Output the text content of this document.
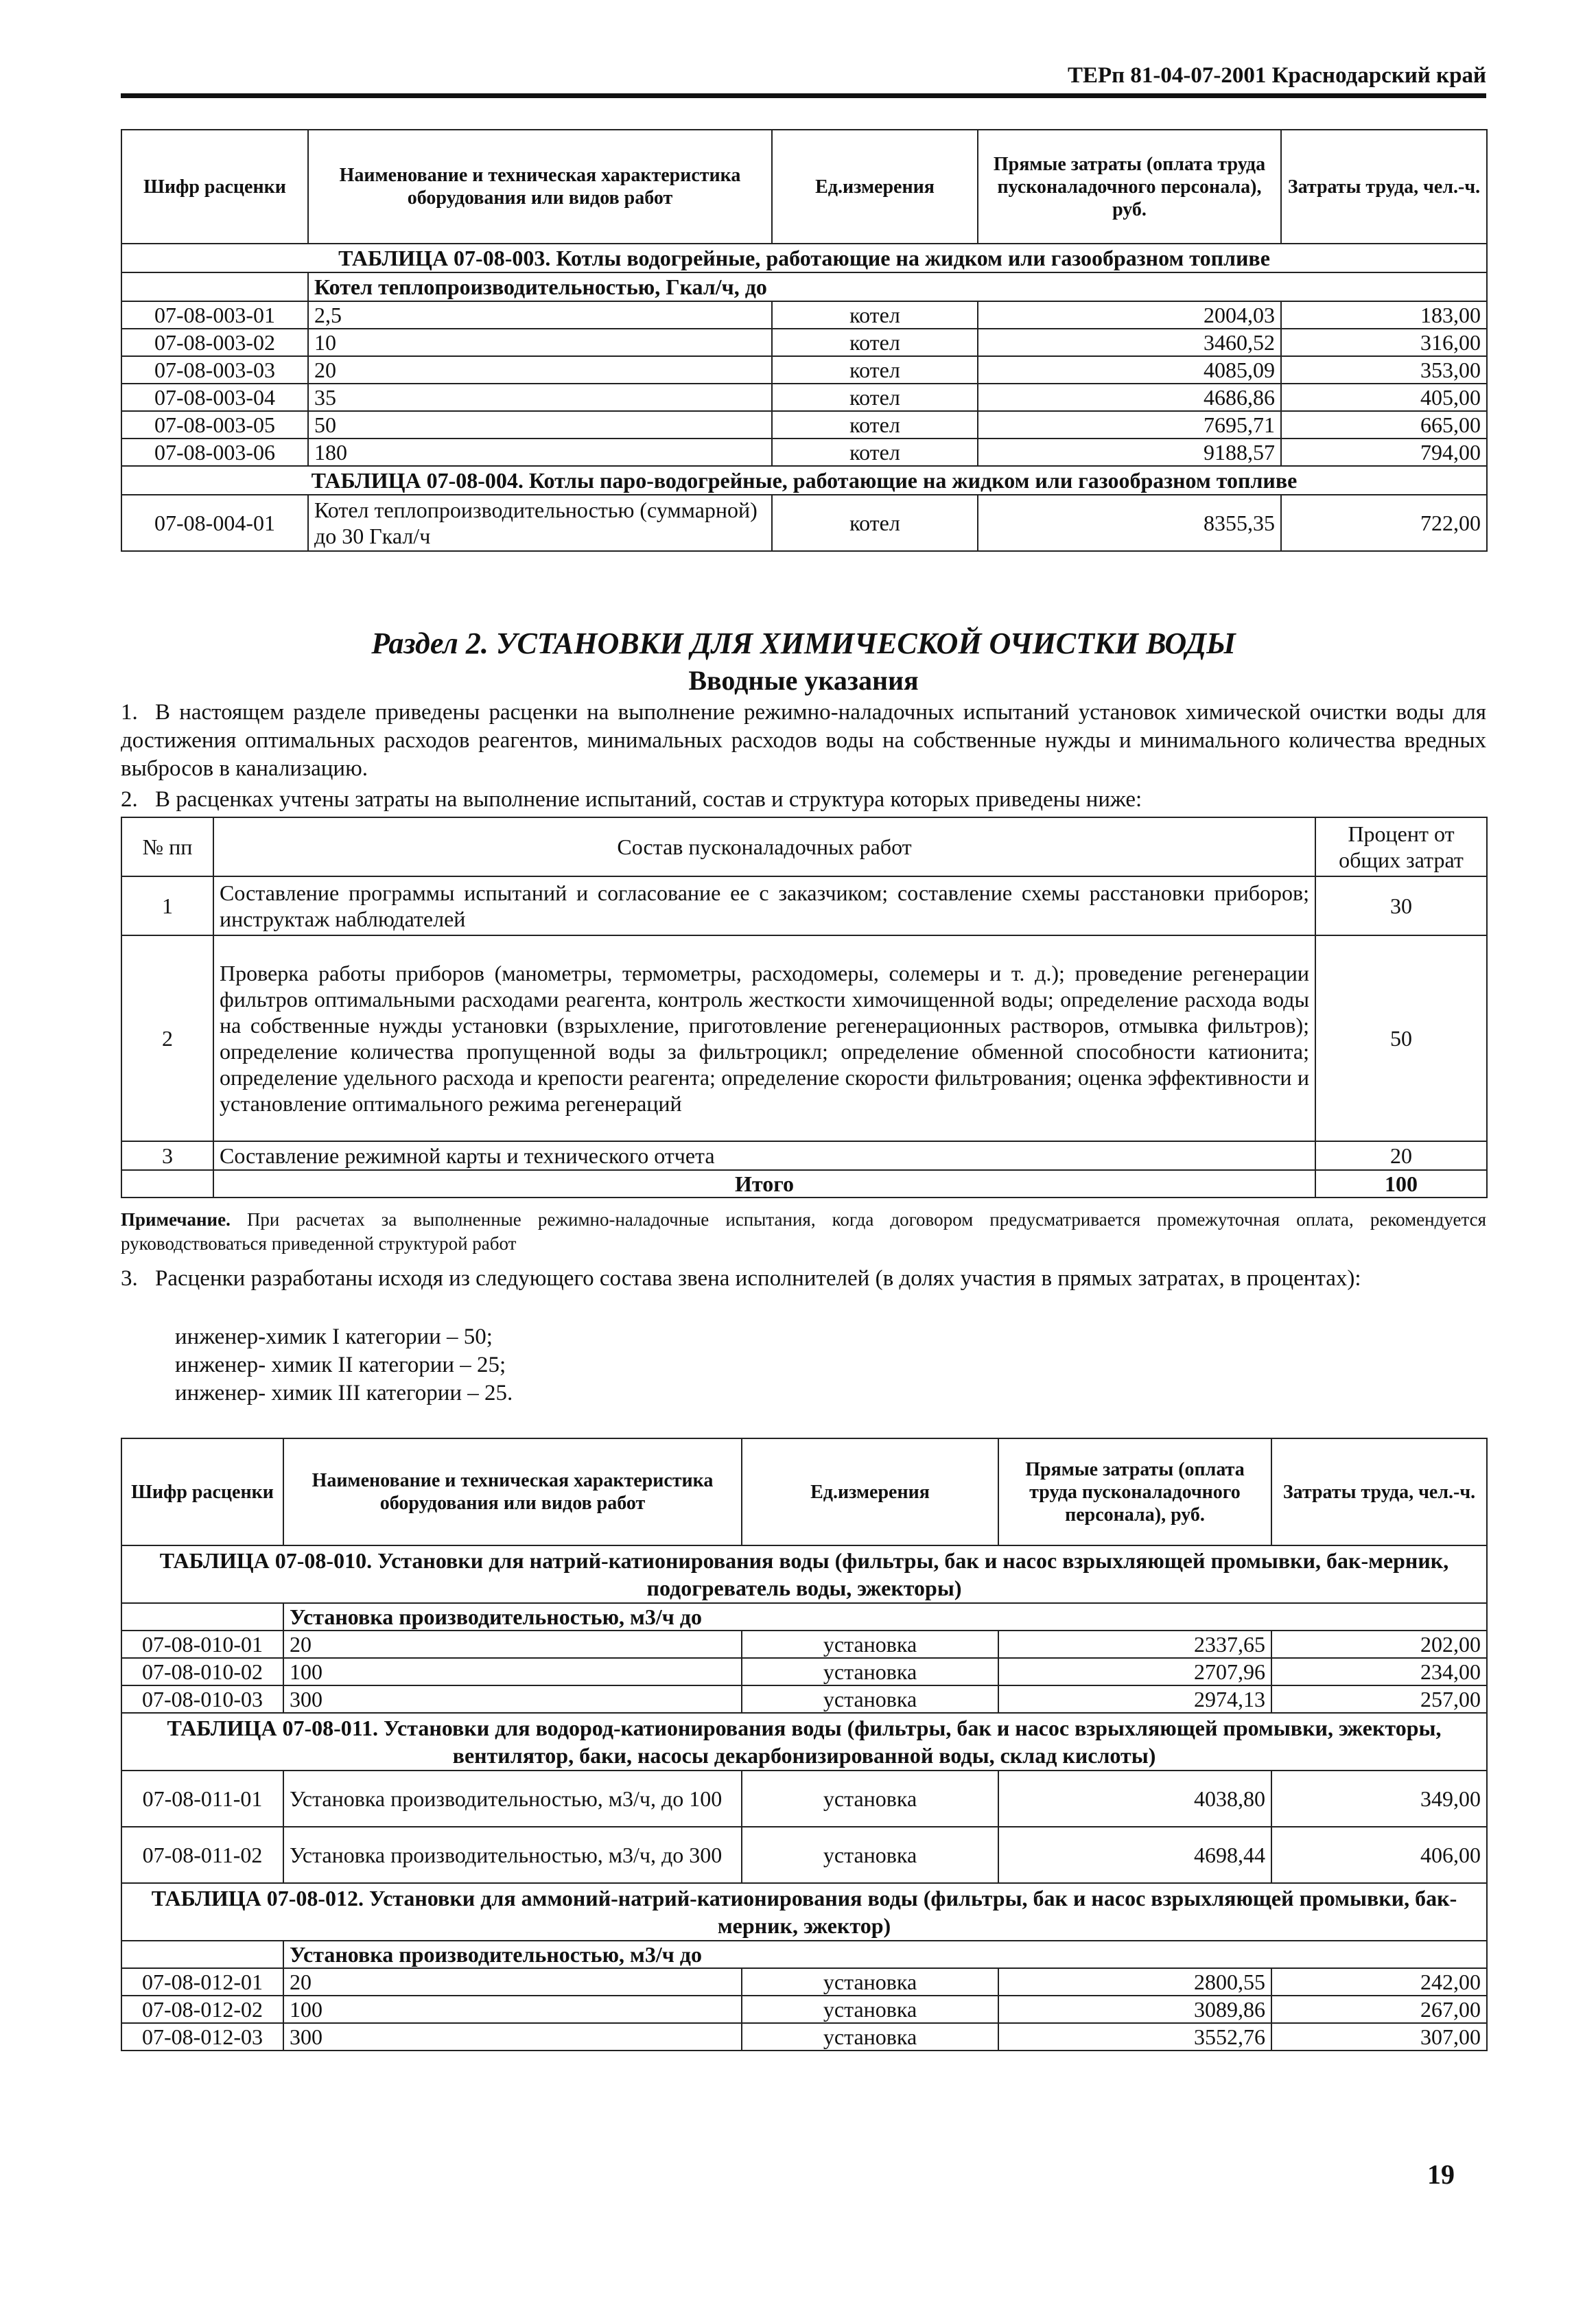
ТЕРп 81-04-07-2001 Краснодарский край
Шифр расценки	Наименование и техническая характеристика оборудования или видов работ	Ед.измерения	Прямые затраты (оплата труда пусконаладочного персонала), руб.	Затраты труда, чел.-ч.
ТАБЛИЦА 07-08-003. Котлы водогрейные, работающие на жидком или газообразном топливе				
	Котел теплопроизводительностью, Гкал/ч, до			
07-08-003-01	2,5	котел	2004,03	183,00
07-08-003-02	10	котел	3460,52	316,00
07-08-003-03	20	котел	4085,09	353,00
07-08-003-04	35	котел	4686,86	405,00
07-08-003-05	50	котел	7695,71	665,00
07-08-003-06	180	котел	9188,57	794,00
ТАБЛИЦА 07-08-004. Котлы паро-водогрейные, работающие на жидком или газообразном топливе				
07-08-004-01	Котел теплопроизводительностью (суммарной) до 30 Гкал/ч	котел	8355,35	722,00
Раздел 2. УСТАНОВКИ ДЛЯ ХИМИЧЕСКОЙ ОЧИСТКИ ВОДЫ
Вводные указания
1. В настоящем разделе приведены расценки на выполнение режимно-наладочных испытаний установок химической очистки воды для достижения оптимальных расходов реагентов, минимальных расходов воды на собственные нужды и минимального количества вредных выбросов в канализацию.
2. В расценках учтены затраты на выполнение испытаний, состав и структура которых приведены ниже:
№ пп	Состав пусконаладочных работ	Процент от общих затрат
1	Составление программы испытаний и согласование ее с заказчиком; составление схемы расстановки приборов; инструктаж наблюдателей	30
2	Проверка работы приборов (манометры, термометры, расходомеры, солемеры и т. д.); проведение регенерации фильтров оптимальными расходами реагента, контроль жесткости химочищенной воды; определение расхода воды на собственные нужды установки (взрыхление, приготовление регенерационных растворов, отмывка фильтров); определение количества пропущенной воды за фильтроцикл; определение обменной способности катионита; определение удельного расхода и крепости реагента; определение скорости фильтрования; оценка эффективности и установление оптимального режима регенераций	50
3	Составление режимной карты и технического отчета	20
	Итого	100
Примечание. При расчетах за выполненные режимно-наладочные испытания, когда договором предусматривается промежуточная оплата, рекомендуется руководствоваться приведенной структурой работ
3. Расценки разработаны исходя из следующего состава звена исполнителей (в долях участия в прямых затратах, в процентах):
инженер-химик I категории – 50;
инженер- химик II категории – 25;
инженер- химик III категории – 25.
Шифр расценки	Наименование и техническая характеристика оборудования или видов работ	Ед.измерения	Прямые затраты (оплата труда пусконаладочного персонала), руб.	Затраты труда, чел.-ч.
ТАБЛИЦА 07-08-010. Установки для натрий-катионирования воды (фильтры, бак и насос взрыхляющей промывки, бак-мерник, подогреватель воды, эжекторы)				
	Установка производительностью, м3/ч до			
07-08-010-01	20	установка	2337,65	202,00
07-08-010-02	100	установка	2707,96	234,00
07-08-010-03	300	установка	2974,13	257,00
ТАБЛИЦА 07-08-011. Установки для водород-катионирования воды (фильтры, бак и насос взрыхляющей промывки, эжекторы, вентилятор, баки, насосы декарбонизированной воды, склад кислоты)				
07-08-011-01	Установка производительностью, м3/ч, до 100	установка	4038,80	349,00
07-08-011-02	Установка производительностью, м3/ч, до 300	установка	4698,44	406,00
ТАБЛИЦА 07-08-012. Установки для аммоний-натрий-катионирования воды (фильтры, бак и насос взрыхляющей промывки, бак-мерник, эжектор)				
	Установка производительностью, м3/ч до			
07-08-012-01	20	установка	2800,55	242,00
07-08-012-02	100	установка	3089,86	267,00
07-08-012-03	300	установка	3552,76	307,00
19
